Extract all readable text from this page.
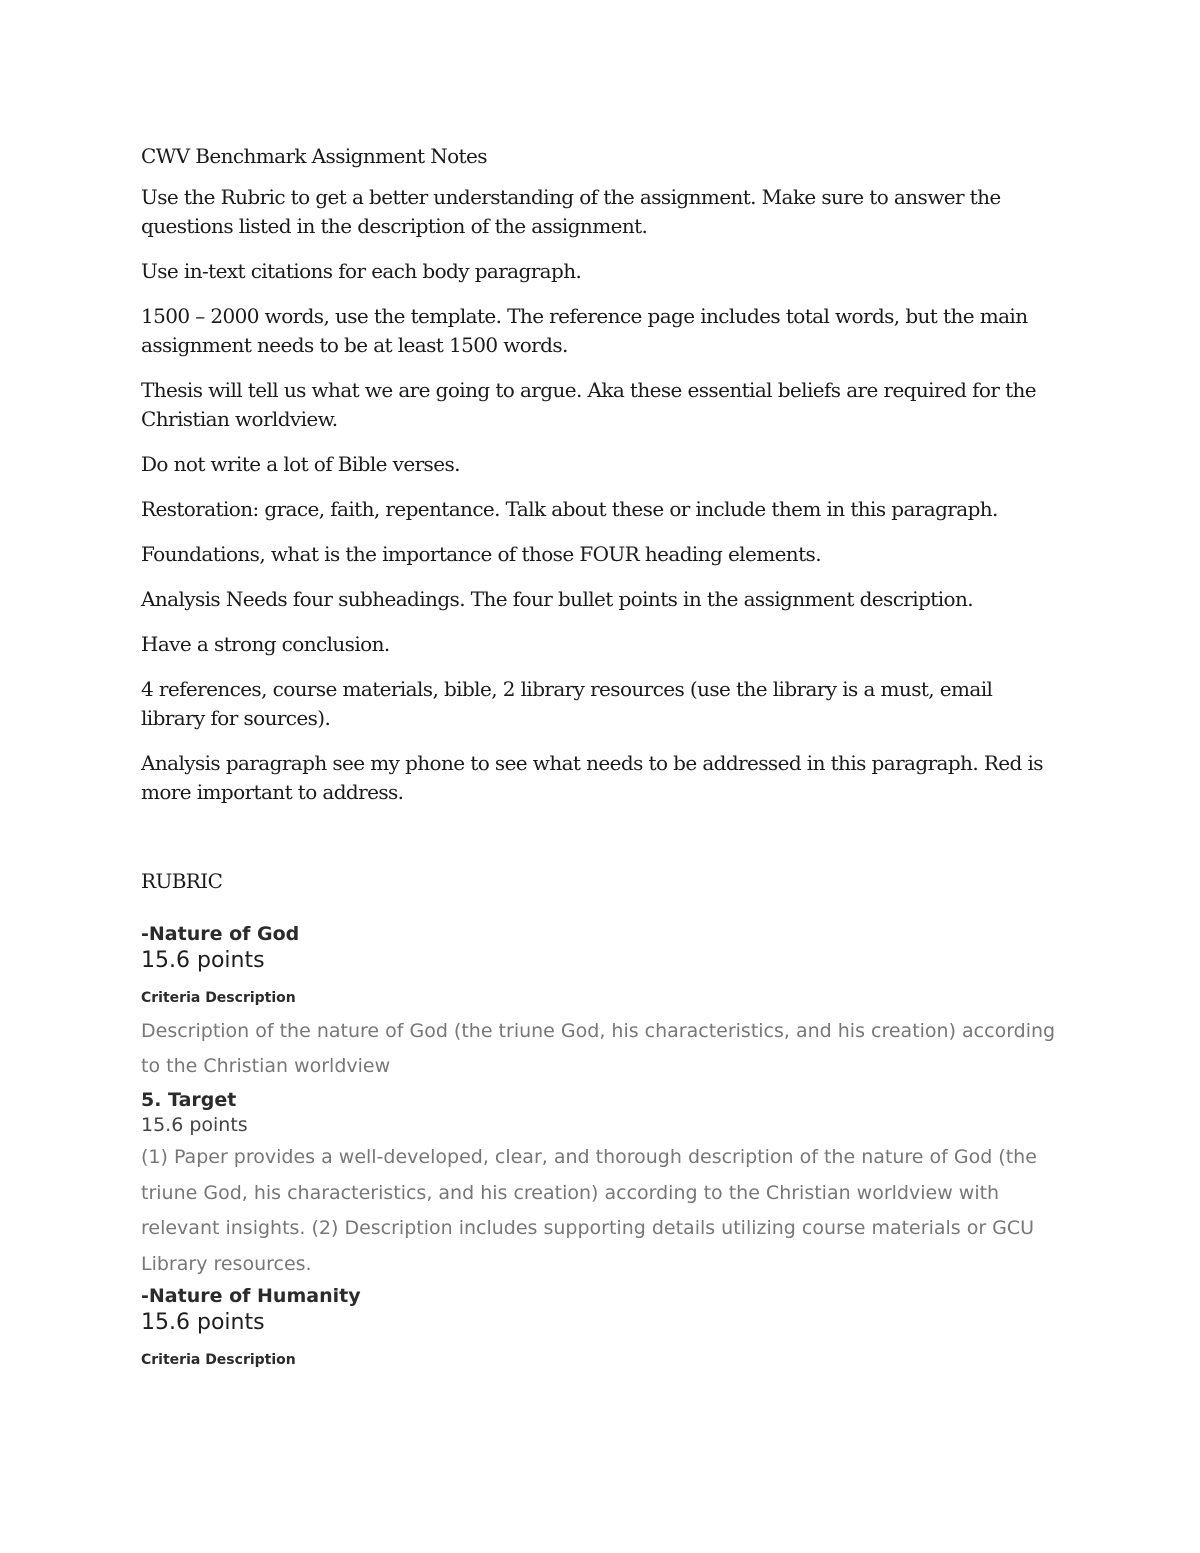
CWV Benchmark Assignment Notes

Use the Rubric to get a better understanding of the assignment. Make sure to answer the questions listed in the description of the assignment.

Use in-text citations for each body paragraph.

1500 – 2000 words, use the template. The reference page includes total words, but the main assignment needs to be at least 1500 words.

Thesis will tell us what we are going to argue. Aka these essential beliefs are required for the Christian worldview.

Do not write a lot of Bible verses.

Restoration: grace, faith, repentance. Talk about these or include them in this paragraph.

Foundations, what is the importance of those FOUR heading elements.

Analysis Needs four subheadings. The four bullet points in the assignment description.

Have a strong conclusion.

4 references, course materials, bible, 2 library resources (use the library is a must, email library for sources).

Analysis paragraph see my phone to see what needs to be addressed in this paragraph. Red is more important to address.

RUBRIC

-Nature of God

15.6 points

Criteria Description

Description of the nature of God (the triune God, his characteristics, and his creation) according to the Christian worldview

5. Target

15.6 points

(1) Paper provides a well-developed, clear, and thorough description of the nature of God (the triune God, his characteristics, and his creation) according to the Christian worldview with relevant insights. (2) Description includes supporting details utilizing course materials or GCU Library resources.

-Nature of Humanity

15.6 points

Criteria Description
